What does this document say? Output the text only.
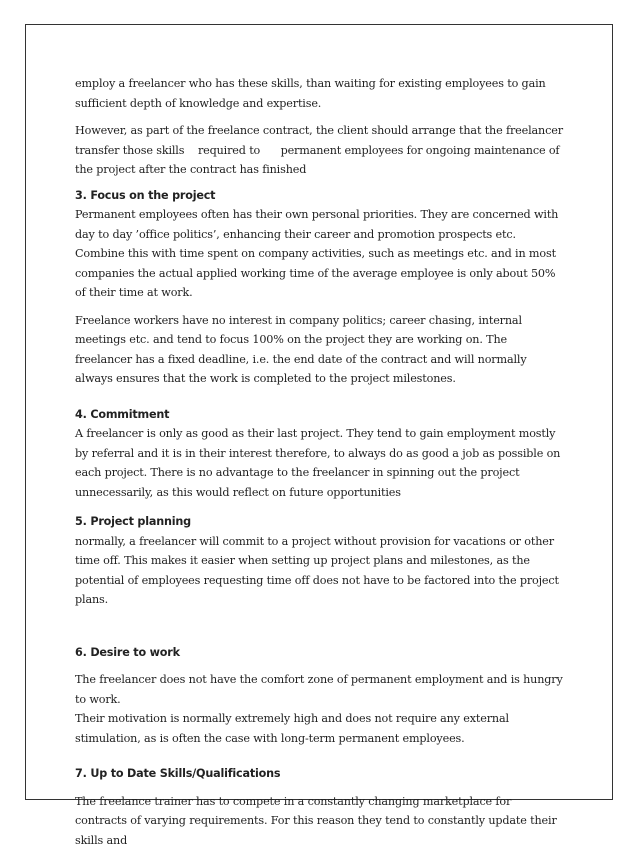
employ a freelancer who has these skills, than waiting for existing employees to gain sufficient depth of knowledge and expertise.

However, as part of the freelance contract, the client should arrange that the freelancer transfer those skills    required to      permanent employees for ongoing maintenance of the project after the contract has finished

3. Focus on the project

Permanent employees often has their own personal priorities. They are concerned with day to day ’office politics’, enhancing their career and promotion prospects etc. Combine this with time spent on company activities, such as meetings etc. and in most companies the actual applied working time of the average employee is only about 50% of their time at work.

Freelance workers have no interest in company politics; career chasing, internal meetings etc. and tend to focus 100% on the project they are working on. The freelancer has a fixed deadline, i.e. the end date of the contract and will normally always ensures that the work is completed to the project milestones.

4. Commitment

A freelancer is only as good as their last project. They tend to gain employment mostly by referral and it is in their interest therefore, to always do as good a job as possible on each project. There is no advantage to the freelancer in spinning out the project unnecessarily, as this would reflect on future opportunities

5. Project planning

normally, a freelancer will commit to a project without provision for vacations or other time off. This makes it easier when setting up project plans and milestones, as the potential of employees requesting time off does not have to be factored into the project plans.

6. Desire to work

The freelancer does not have the comfort zone of permanent employment and is hungry to work.

Their motivation is normally extremely high and does not require any external stimulation, as is often the case with long-term permanent employees.

7. Up to Date Skills/Qualifications

The freelance trainer has to compete in a constantly changing marketplace for contracts of varying requirements. For this reason they tend to constantly update their skills and
